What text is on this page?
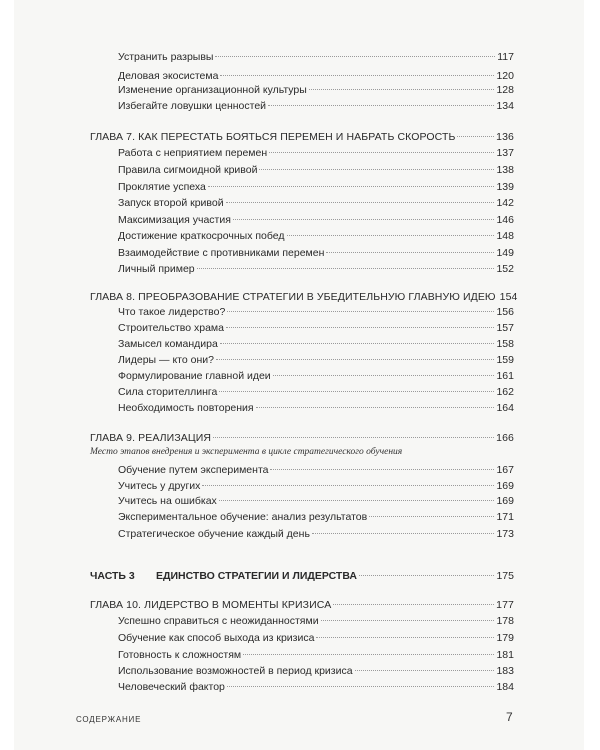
Устранить разрывы	117
Деловая экосистема	120
Изменение организационной культуры	128
Избегайте ловушки ценностей	134
ГЛАВА 7. КАК ПЕРЕСТАТЬ БОЯТЬСЯ ПЕРЕМЕН И НАБРАТЬ СКОРОСТЬ	136
Работа с неприятием перемен	137
Правила сигмоидной кривой	138
Проклятие успеха	139
Запуск второй кривой	142
Максимизация участия	146
Достижение краткосрочных побед	148
Взаимодействие с противниками перемен	149
Личный пример	152
ГЛАВА 8. ПРЕОБРАЗОВАНИЕ СТРАТЕГИИ В УБЕДИТЕЛЬНУЮ ГЛАВНУЮ ИДЕЮ 154
Что такое лидерство?	156
Строительство храма	157
Замысел командира	158
Лидеры — кто они?	159
Формулирование главной идеи	161
Сила сторителлинга	162
Необходимость повторения	164
ГЛАВА 9. РЕАЛИЗАЦИЯ	166
Место этапов внедрения и эксперимента в цикле стратегического обучения
Обучение путем эксперимента	167
Учитесь у других	169
Учитесь на ошибках	169
Экспериментальное обучение: анализ результатов	171
Стратегическое обучение каждый день	173
ЧАСТЬ 3 ЕДИНСТВО СТРАТЕГИИ И ЛИДЕРСТВА	175
ГЛАВА 10. ЛИДЕРСТВО В МОМЕНТЫ КРИЗИСА	177
Успешно справиться с неожиданностями	178
Обучение как способ выхода из кризиса	179
Готовность к сложностям	181
Использование возможностей в период кризиса	183
Человеческий фактор	184
СОДЕРЖАНИЕ	7
